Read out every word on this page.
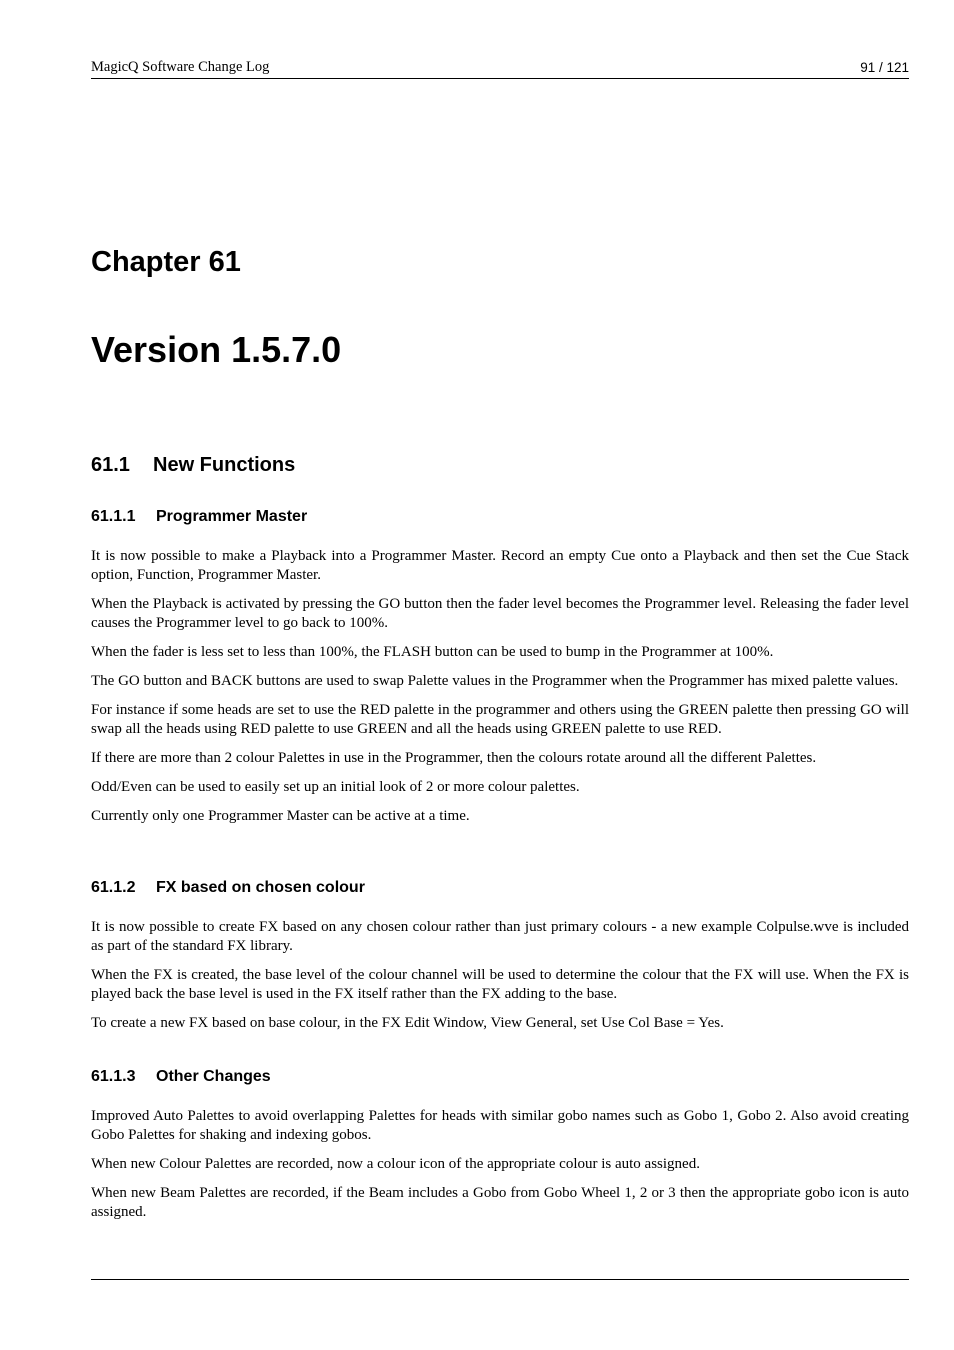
MagicQ Software Change Log	91 / 121
Chapter 61
Version 1.5.7.0
61.1 New Functions
61.1.1 Programmer Master

It is now possible to make a Playback into a Programmer Master. Record an empty Cue onto a Playback and then set the Cue Stack option, Function, Programmer Master.

When the Playback is activated by pressing the GO button then the fader level becomes the Programmer level. Releasing the fader level causes the Programmer level to go back to 100%.

When the fader is less set to less than 100%, the FLASH button can be used to bump in the Programmer at 100%.

The GO button and BACK buttons are used to swap Palette values in the Programmer when the Programmer has mixed palette values.

For instance if some heads are set to use the RED palette in the programmer and others using the GREEN palette then pressing GO will swap all the heads using RED palette to use GREEN and all the heads using GREEN palette to use RED.

If there are more than 2 colour Palettes in use in the Programmer, then the colours rotate around all the different Palettes.

Odd/Even can be used to easily set up an initial look of 2 or more colour palettes.

Currently only one Programmer Master can be active at a time.

61.1.2 FX based on chosen colour

It is now possible to create FX based on any chosen colour rather than just primary colours - a new example Colpulse.wve is included as part of the standard FX library.

When the FX is created, the base level of the colour channel will be used to determine the colour that the FX will use. When the FX is played back the base level is used in the FX itself rather than the FX adding to the base.

To create a new FX based on base colour, in the FX Edit Window, View General, set Use Col Base = Yes.

61.1.3 Other Changes

Improved Auto Palettes to avoid overlapping Palettes for heads with similar gobo names such as Gobo 1, Gobo 2. Also avoid creating Gobo Palettes for shaking and indexing gobos.

When new Colour Palettes are recorded, now a colour icon of the appropriate colour is auto assigned.

When new Beam Palettes are recorded, if the Beam includes a Gobo from Gobo Wheel 1, 2 or 3 then the appropriate gobo icon is auto assigned.
